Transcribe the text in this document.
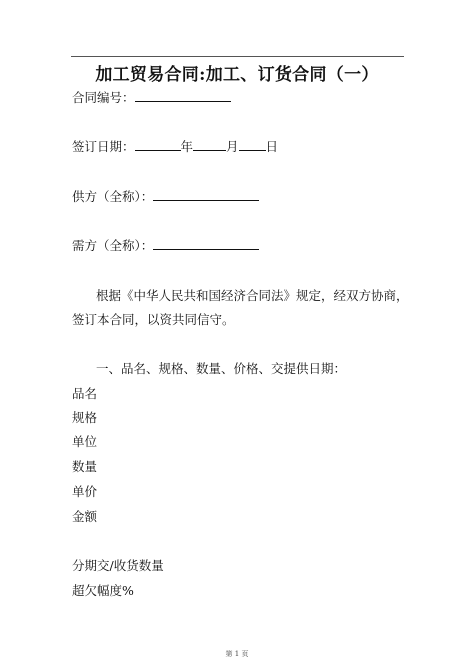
加工贸易合同:加工、订货合同（一）
合同编号：
签订日期：	年	月 日
供方（全称）：
需方（全称）：
根据《中华人民共和国经济合同法》规定，经双方协商，
签订本合同，以资共同信守。
一、品名、规格、数量、价格、交提供日期：
品名
规格
单位
数量
单价
金额
分期交/收货数量
超欠幅度%
第 1 页
